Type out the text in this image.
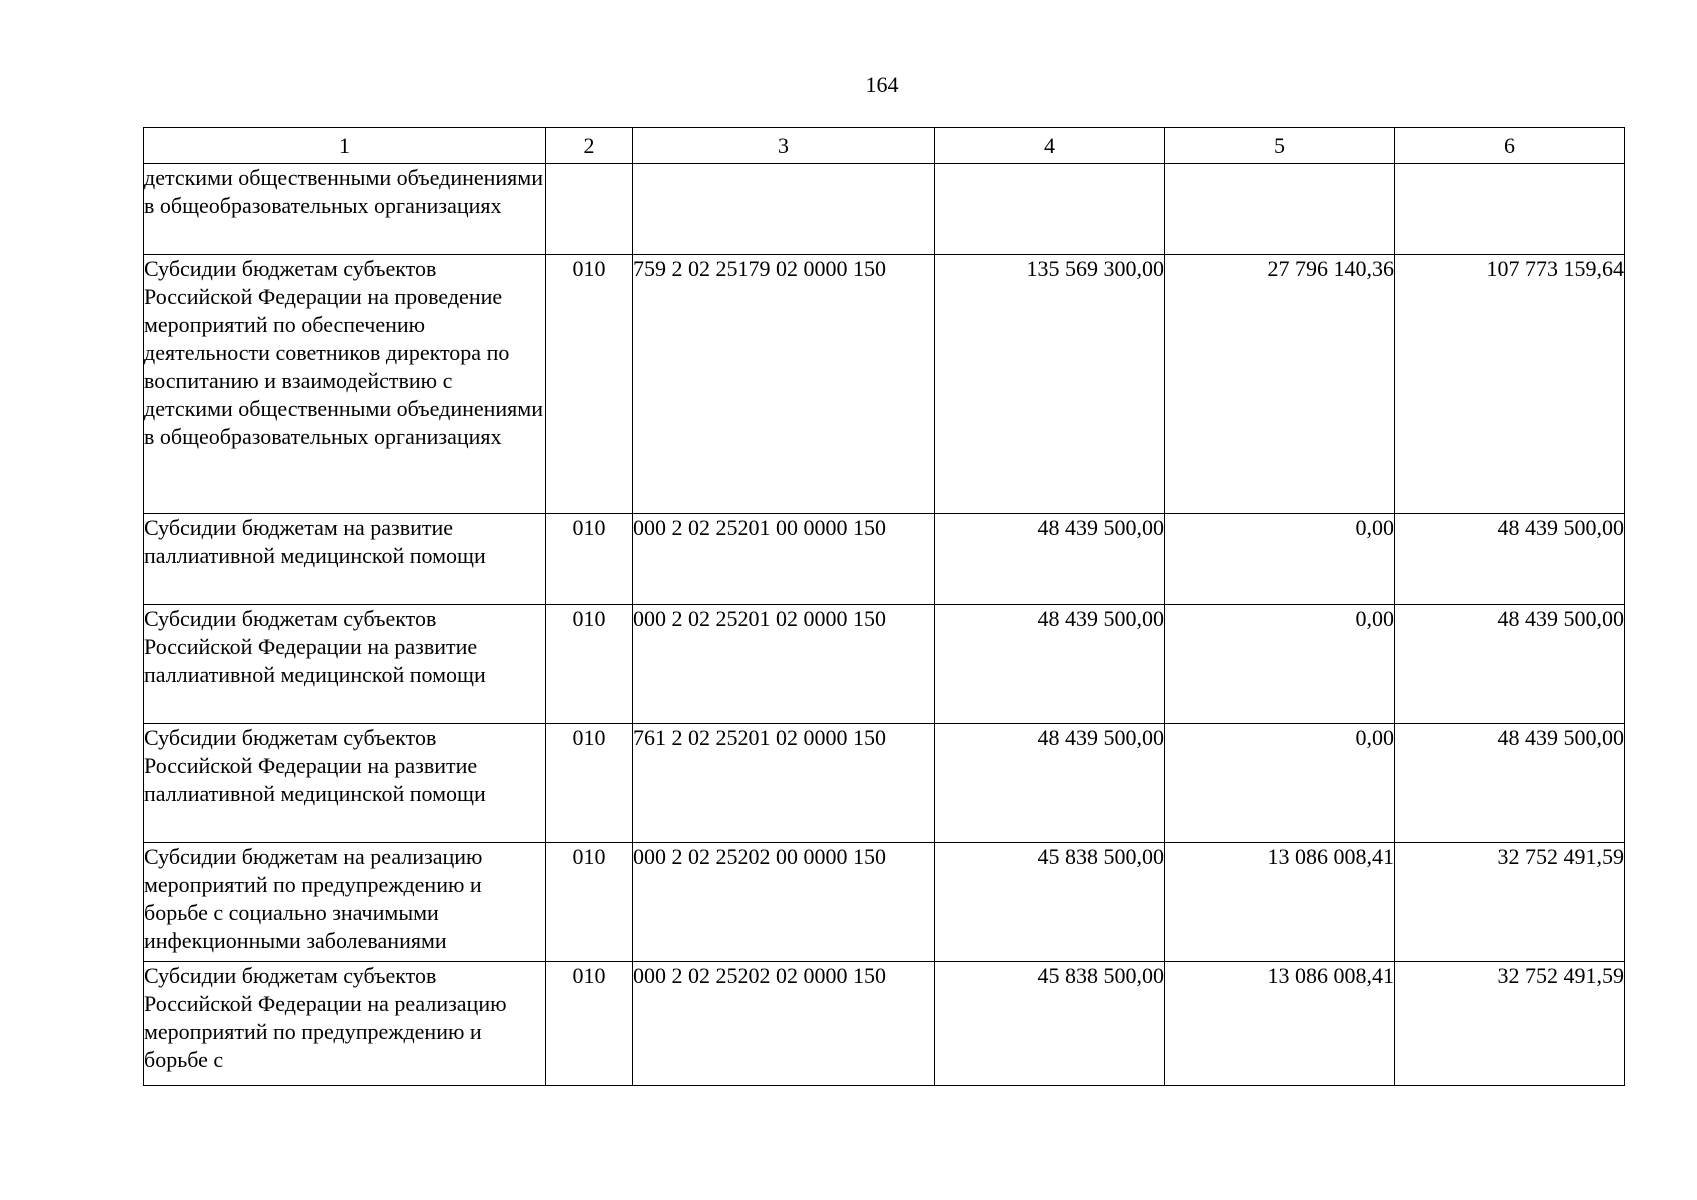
164
1	2	3	4	5	6
детскими общественными объединениями в общеобразовательных организациях					
Субсидии бюджетам субъектов Российской Федерации на проведение мероприятий по обеспечению деятельности советников директора по воспитанию и взаимодействию с детскими общественными объединениями в общеобразовательных организациях	010	759 2 02 25179 02 0000 150	135 569 300,00	27 796 140,36	107 773 159,64
Субсидии бюджетам на развитие паллиативной медицинской помощи	010	000 2 02 25201 00 0000 150	48 439 500,00	0,00	48 439 500,00
Субсидии бюджетам субъектов Российской Федерации на развитие паллиативной медицинской помощи	010	000 2 02 25201 02 0000 150	48 439 500,00	0,00	48 439 500,00
Субсидии бюджетам субъектов Российской Федерации на развитие паллиативной медицинской помощи	010	761 2 02 25201 02 0000 150	48 439 500,00	0,00	48 439 500,00
Субсидии бюджетам на реализацию мероприятий по предупреждению и борьбе с социально значимыми инфекционными заболеваниями	010	000 2 02 25202 00 0000 150	45 838 500,00	13 086 008,41	32 752 491,59
Субсидии бюджетам субъектов Российской Федерации на реализацию мероприятий по предупреждению и борьбе с	010	000 2 02 25202 02 0000 150	45 838 500,00	13 086 008,41	32 752 491,59
